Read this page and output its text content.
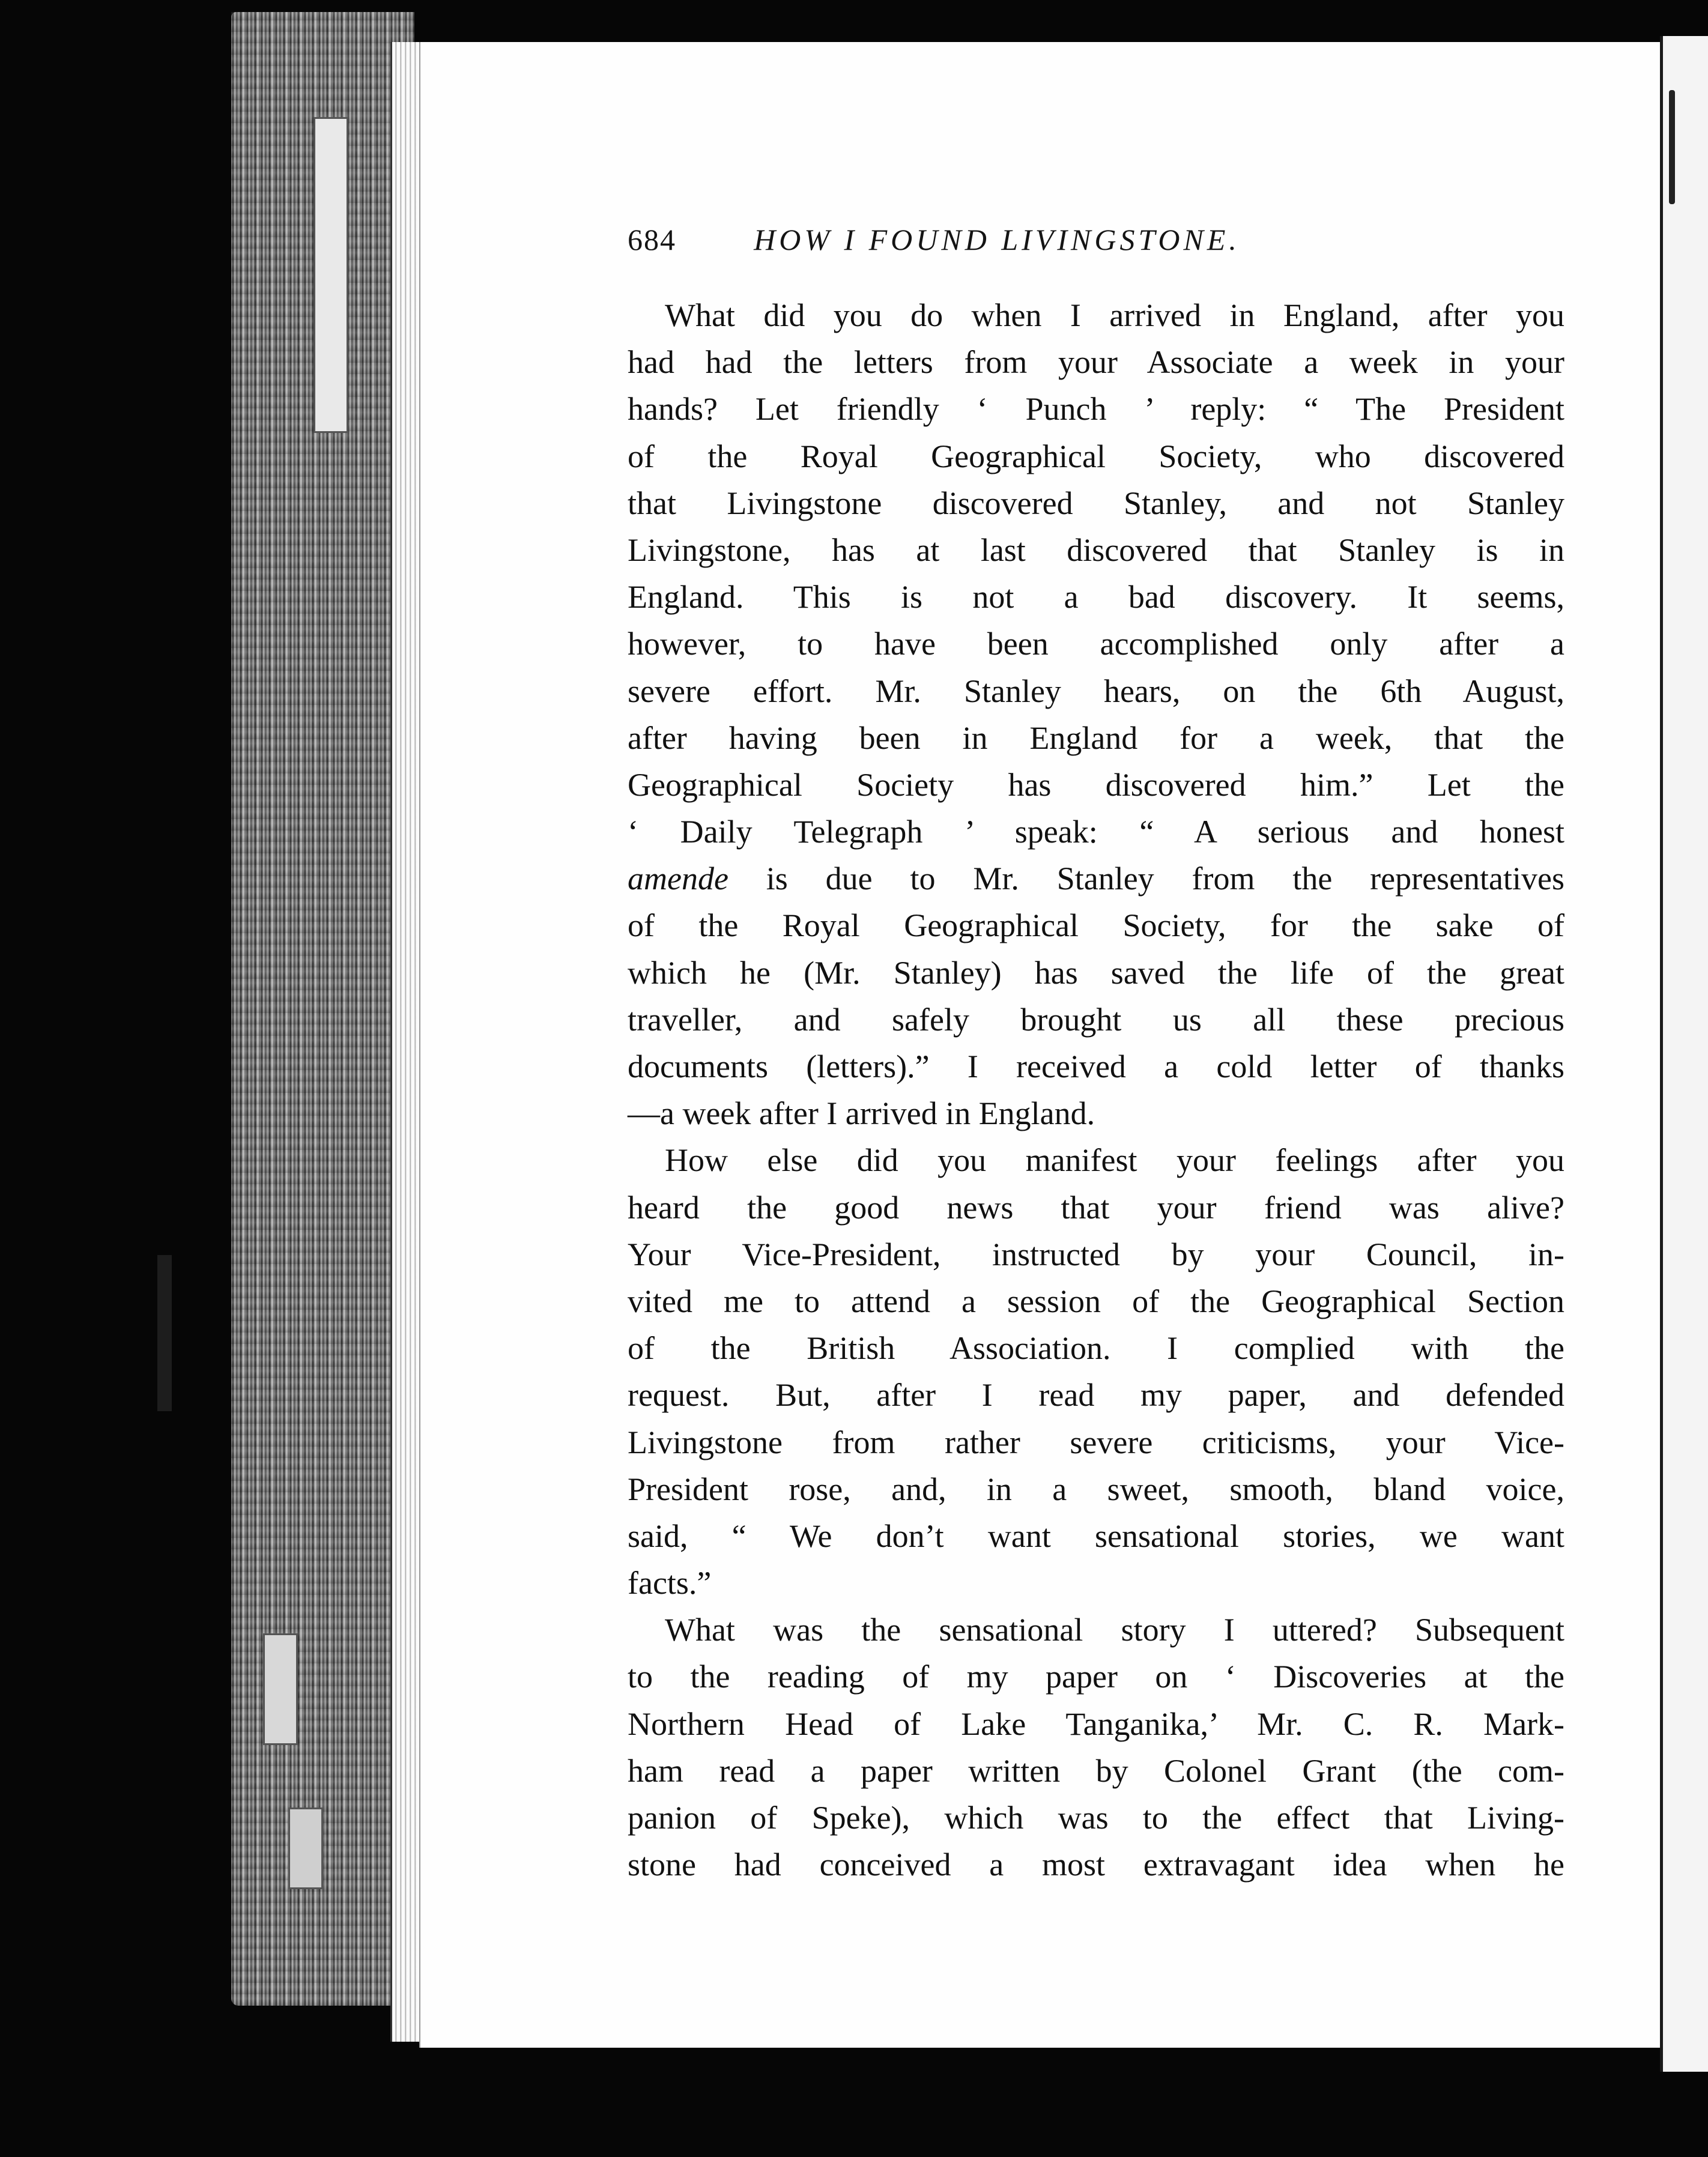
684	HOW I FOUND LIVINGSTONE.
What did you do when I arrived in England, after you
had had the letters from your Associate a week in your
hands? Let friendly ‘ Punch ’ reply: “ The President
of the Royal Geographical Society, who discovered
that Livingstone discovered Stanley, and not Stanley
Livingstone, has at last discovered that Stanley is in
England. This is not a bad discovery. It seems,
however, to have been accomplished only after a
severe effort. Mr. Stanley hears, on the 6th August,
after having been in England for a week, that the
Geographical Society has discovered him.” Let the
‘ Daily Telegraph ’ speak: “ A serious and honest
amende is due to Mr. Stanley from the representatives
of the Royal Geographical Society, for the sake of
which he (Mr. Stanley) has saved the life of the great
traveller, and safely brought us all these precious
documents (letters).” I received a cold letter of thanks
—a week after I arrived in England.
How else did you manifest your feelings after you
heard the good news that your friend was alive?
Your Vice-President, instructed by your Council, in-
vited me to attend a session of the Geographical Section
of the British Association. I complied with the
request. But, after I read my paper, and defended
Livingstone from rather severe criticisms, your Vice-
President rose, and, in a sweet, smooth, bland voice,
said, “ We don’t want sensational stories, we want
facts.”
What was the sensational story I uttered? Subsequent
to the reading of my paper on ‘ Discoveries at the
Northern Head of Lake Tanganika,’ Mr. C. R. Mark-
ham read a paper written by Colonel Grant (the com-
panion of Speke), which was to the effect that Living-
stone had conceived a most extravagant idea when he
